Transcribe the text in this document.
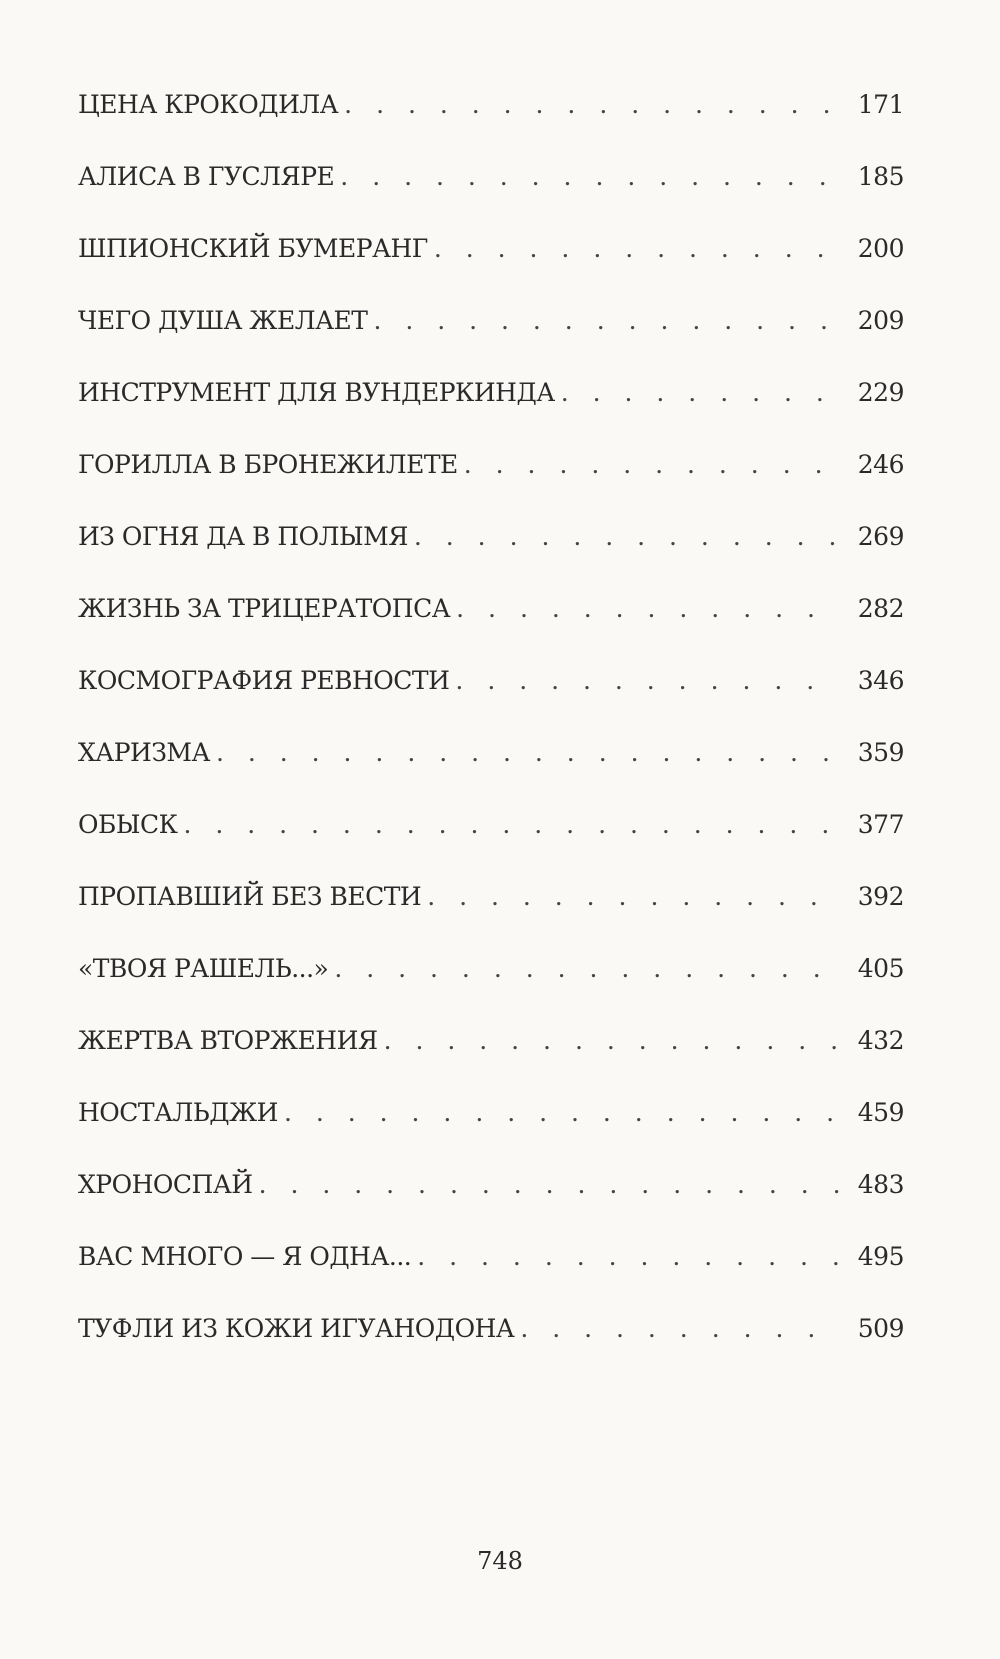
ЦЕНА КРОКОДИЛА . . .	171
АЛИСА В ГУСЛЯРЕ . . .	185
ШПИОНСКИЙ БУМЕРАНГ . . .	200
ЧЕГО ДУША ЖЕЛАЕТ . . .	209
ИНСТРУМЕНТ ДЛЯ ВУНДЕРКИНДА . . .	229
ГОРИЛЛА В БРОНЕЖИЛЕТЕ . . .	246
ИЗ ОГНЯ ДА В ПОЛЫМЯ . . .	269
ЖИЗНЬ ЗА ТРИЦЕРАТОПСА . . .	282
КОСМОГРАФИЯ РЕВНОСТИ . . .	346
ХАРИЗМА . . .	359
ОБЫСК . . .	377
ПРОПАВШИЙ БЕЗ ВЕСТИ . . .	392
«ТВОЯ РАШЕЛЬ...» . . .	405
ЖЕРТВА ВТОРЖЕНИЯ . . .	432
НОСТАЛЬДЖИ . . .	459
ХРОНОСПАЙ . . .	483
ВАС МНОГО — Я ОДНА... . . .	495
ТУФЛИ ИЗ КОЖИ ИГУАНОДОНА . . .	509
748
